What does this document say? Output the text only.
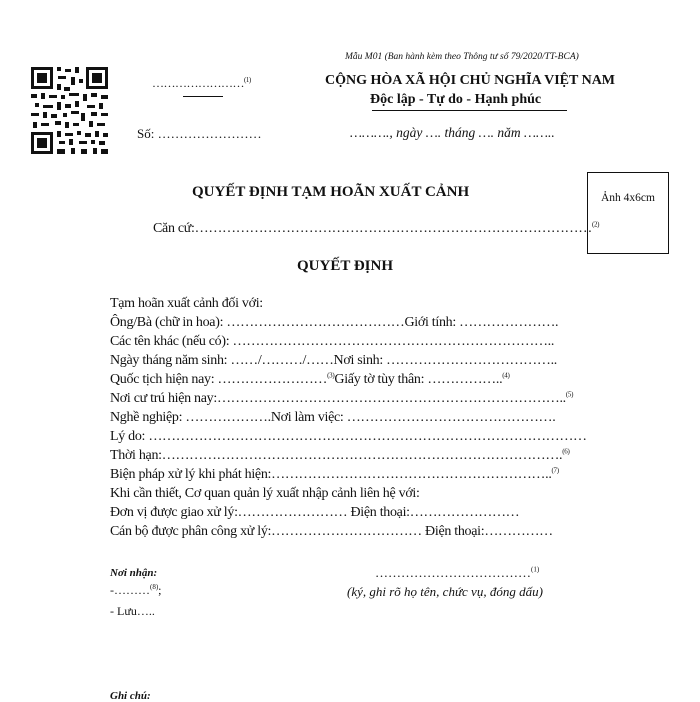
Mẫu M01 (Ban hành kèm theo Thông tư số 79/2020/TT-BCA)
……………………$^{(1)}$	CỘNG HÒA XÃ HỘI CHỦ NGHĨA VIỆT NAM
Độc lập - Tự do - Hạnh phúc
Số: ……………………	………., ngày …. tháng …. năm ……..
Ảnh 4x6cm
QUYẾT ĐỊNH TẠM HOÃN XUẤT CẢNH
Căn cứ:……………………………………………………………………………$^{(2)}$
QUYẾT ĐỊNH
Tạm hoãn xuất cảnh đối với:
Ông/Bà (chữ in hoa): …………………………………Giới tính: ………………….
Các tên khác (nếu có): ……………………………………………………………..
Ngày tháng năm sinh: ……/………/……Nơi sinh: ………………………………..
Quốc tịch hiện nay: ……………………$^{(3)}$Giấy tờ tùy thân: ……………..$^{(4)}$
Nơi cư trú hiện nay:…………………………………………………………………..$^{(5)}$
Nghề nghiệp: ……………….Nơi làm việc: ……………………………………….
Lý do: ……………………………………………………………………………………
Thời hạn:…………………………………………………………………………….$^{(6)}$
Biện pháp xử lý khi phát hiện:……………………………………………………..$^{(7)}$
Khi cần thiết, Cơ quan quản lý xuất nhập cảnh liên hệ với:
Đơn vị được giao xử lý:…………………… Điện thoại:……………………
Cán bộ được phân công xử lý:…………………………… Điện thoại:……………
Nơi nhận:
-………$^{(8)}$;
- Lưu…..
………………………………$^{(1)}$
(ký, ghi rõ họ tên, chức vụ, đóng dấu)
Ghi chú:
